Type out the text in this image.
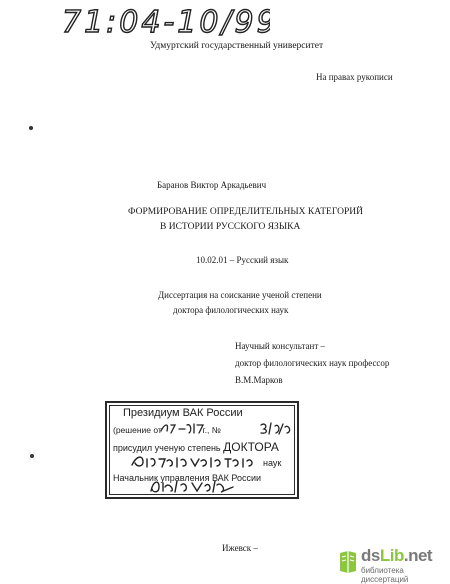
71:04-10/99
Удмуртский государственный университет
На правах рукописи
Баранов Виктор Аркадьевич
ФОРМИРОВАНИЕ ОПРЕДЕЛИТЕЛЬНЫХ КАТЕГОРИЙ
В ИСТОРИИ РУССКОГО ЯЗЫКА
10.02.01 – Русский язык
Диссертация на соискание ученой степени
доктора филологических наук
Научный консультант –
доктор филологических наук профессор
В.М.Марков
Президиум ВАК России
(решение от	г., №
присудил ученую степень ДОКТОРА
наук
Начальник управления ВАК России
Ижевск –	dsLib.net
библиотека диссертаций
